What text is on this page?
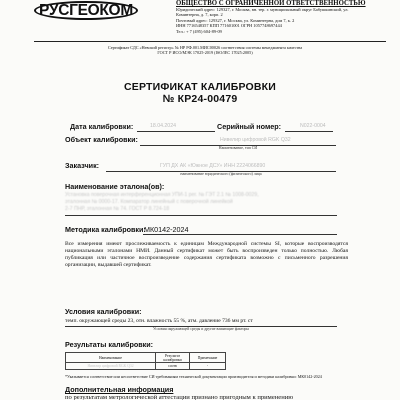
РУСГЕОКОМ	ОБЩЕСТВО С ОГРАНИЧЕННОЙ ОТВЕТСТВЕННОСТЬЮ
Юридический адрес: 129327, г. Москва, вн. тер. г. муниципальный округ Бабушкинский, ул.
Коминтерна, д. 7, корп. 2
Почтовый адрес: 129327, г. Москва, ул. Коминтерна, дом 7, к. 2
ИНН 7716548357 КПП 771601001 ОГРН 1057748697444
Тел.: + 7 (495) 604-89-09
Сертификат СДС «Невский регистр» № НР РФ.001.МИС00026 соответствия системы менеджмента качества
ГОСТ Р ИСО/МЭК 17025-2019 (ISO/IEC 17025:2005)
СЕРТИФИКАТ КАЛИБРОВКИ
№ КР24-00479
Дата калибровки:	18.04.2024	Серийный номер:	N022-0004
Объект калибровки:	Нивелир цифровой RGK Q32
Наименование, тип СИ
Заказчик:	ГУП ДХ АК «Южное ДСУ» ИНН 2224066890
наименование юридического (физического) лица
Наименование эталона(ов):
Установка поверочная интерференционная УПИ-1 рег. № ГЭТ 2.1 № 1008-0029,
эталонная № 0000-17. Компаратор линейный с поверочной линейкой
2-7 ПНР, эталонная № 74. ГОСТ Р 8.724-18
Методика калибровки:
МК0142-2024
Все измерения имеют прослеживаемость к единицам Международной системы SI, которые воспроизводятся национальными эталонами НМИ. Данный сертификат может быть воспроизведен только полностью. Любая публикация или частичное воспроизведение содержания сертификата возможно с письменного разрешения организации, выдавшей сертификат.
Условия калибровки:
темп. окружающей среды 23, отн. влажность 55 %, атм. давление 736 мм рт. ст
Условия окружающей среды и другие влияющие факторы
Результаты калибровки:
Наименование	Результат калибровки	Примечание
Нивелир цифровой RGK Q32	соотв	-
*Указывается соответствие или несоответствие СИ требованиям технической документации производителя и методики калибровки: МК0142-2024
Дополнительная информация
по результатам метрологической аттестации признано пригодным к применению
